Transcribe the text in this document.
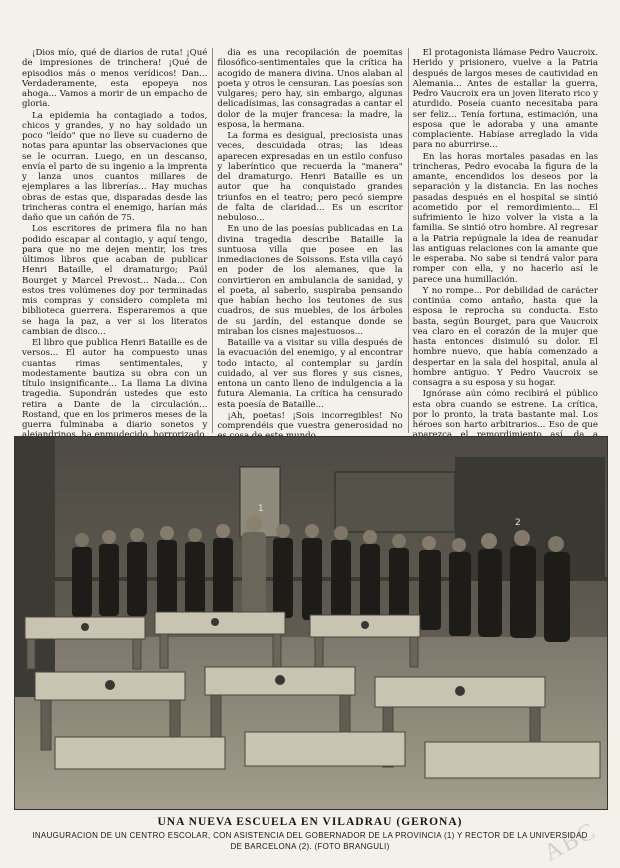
¡Dios mío, qué de diarios de ruta! ¡Qué de impresiones de trinchera! ¡Qué de episodios más o menos verídicos! Dan... Verdaderamente, esta epopeya nos ahoga... Vamos a morir de un empacho de gloria.

La epidemia ha contagiado a todos, chicos y grandes, y no hay soldado un poco "leído" que no lleve su cuaderno de notas para apuntar las observaciones que se le ocurran. Luego, en un descanso, envía el parto de su ingenio a la imprenta y lanza unos cuantos millares de ejemplares a las librerías... Hay muchas obras de estas que, disparadas desde las trincheras contra el enemigo, harían más daño que un cañón de 75.

Los escritores de primera fila no han podido escapar al contagio, y aquí tengo, para que no me dejen mentir, los tres últimos libros que acaban de publicar Henri Bataille, el dramaturgo; Paúl Bourget y Marcel Prevost... Nada... Con estos tres volúmenes doy por terminadas mis compras y considero completa mi biblioteca guerrera. Esperaremos a que se haga la paz, a ver si los literatos cambian de disco...

El libro que publica Henri Bataille es de versos... El autor ha compuesto unas cuantas rimas sentimentales, y modestamente bautiza su obra con un título insignificante... La llama La divina tragedia. Supondrán ustedes que esto retira a Dante de la circulación... Rostand, que en los primeros meses de la guerra fulminaba a diario sonetos y

dia es una recopilación de poemitas filosófico-sentimentales que la crítica ha acogido de manera divina. Unos alaban al poeta y otros le censuran. Las poesías son vulgares; pero hay, sin embargo, algunas delicadísimas, las consagradas a cantar el dolor de la mujer francesa: la madre, la esposa, la hermana.

La forma es desigual, preciosista unas veces, descuidada otras; las ideas aparecen expresadas en un estilo confuso y laberíntico que recuerda la "manera" del dramaturgo. Henri Bataille es un autor que ha conquistado grandes triunfos en el teatro; pero pecó siempre de falta de claridad... Es un escritor nebuloso...

En uno de las poesías publicadas en La divina tragedia describe Bataille la suntuosa villa que posee en las inmediaciones de Soissons. Esta villa cayó en poder de los alemanes, que la convirtieron en ambulancia de sanidad, y el poeta, al saberlo, suspiraba pensando que habían hecho los teutones de sus cuadros, de sus muebles, de los árboles de su jardín, del estanque donde se miraban los cisnes majestuosos...

Bataille va a visitar su villa después de la evacuación del enemigo, y al encontrar todo intacto, al contemplar su jardín cuidado, al ver sus flores y sus cisnes, entona un canto lleno de indulgencia a la futura Alemania. La crítica ha censurado esta poesía de Bataille...

¡Ah, poetas! ¡Sois incorregibles! No comprendéis que vuestra generosidad no

El protagonista llámase Pedro Vaucroix. Herido y prisionero, vuelve a la Patria después de largos meses de cautividad en Alemania... Antes de estallar la guerra, Pedro Vaucroix era un joven literato rico y aturdido. Poseía cuanto necesitaba para ser feliz... Tenía fortuna, estimación, una esposa que le adoraba y una amante complaciente. Habíase arreglado la vida para no aburrirse...

En las horas mortales pasadas en las trincheras, Pedro evocaba la figura de la amante, encendidos los deseos por la separación y la distancia. En las noches pasadas después en el hospital se sintió acometido por el remordimiento... El sufrimiento le hizo volver la vista a la familia. Se sintió otro hombre. Al regresar a la Patria repúgnale la idea de reanudar las antiguas relaciones con la amante que le esperaba. No sabe si tendrá valor para romper con ella, y no hacerlo así le parece una humillación.

Y no rompe... Por debilidad de carácter continúa como antaño, hasta que la esposa le reprocha su conducta. Esto basta, según Bourget, para que Vaucroix vea claro en el corazón de la mujer que hasta entonces disimuló su dolor. El hombre nuevo, que había comenzado a despertar en la sala del hospital, anula al hombre antiguo. Y Pedro Vaucroix se consagra a su esposa y su hogar.

Ignórase aún cómo recibirá el público esta obra cuando se estrene. La crítica, por lo pronto, la trata bastante mal. Los héroes son harto arbitrarios... Eso de que

1
2
UNA NUEVA ESCUELA EN VILADRAU (GERONA)
INAUGURACION DE UN CENTRO ESCOLAR, CON ASISTENCIA DEL GOBERNADOR DE LA PROVINCIA (1) Y RECTOR DE LA UNIVERSIDAD
DE BARCELONA (2). (FOTO BRANGULI)	ABC
